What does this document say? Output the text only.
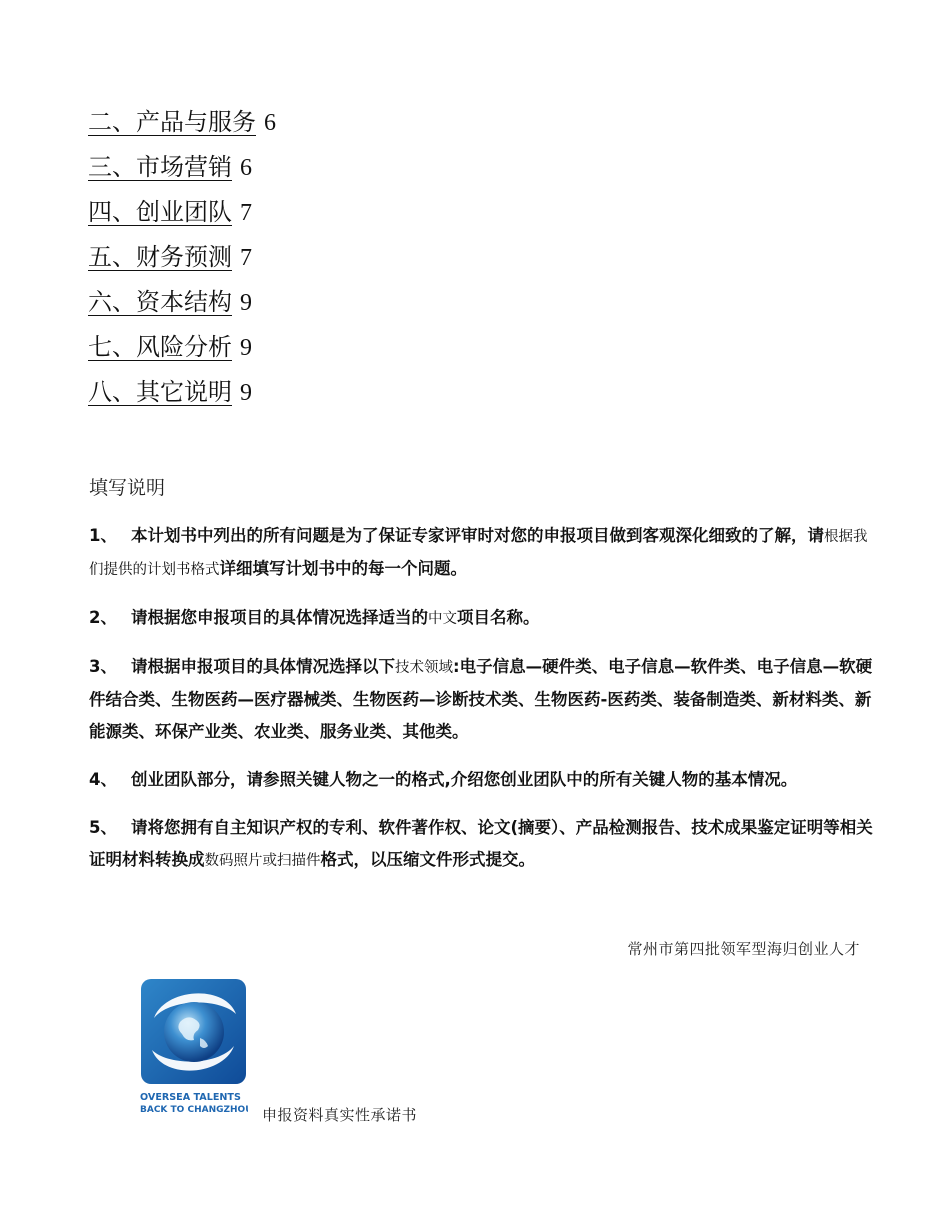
二、产品与服务 6
三、市场营销 6
四、创业团队 7
五、财务预测 7
六、资本结构 9
七、风险分析 9
八、其它说明 9
填写说明
1、 本计划书中列出的所有问题是为了保证专家评审时对您的申报项目做到客观深化细致的了解，请根据我们提供的计划书格式详细填写计划书中的每一个问题。
2、 请根据您申报项目的具体情况选择适当的中文项目名称。
3、 请根据申报项目的具体情况选择以下技术领域:电子信息—硬件类、电子信息—软件类、电子信息—软硬件结合类、生物医药—医疗器械类、生物医药—诊断技术类、生物医药-医药类、装备制造类、新材料类、新能源类、环保产业类、农业类、服务业类、其他类。
4、 创业团队部分，请参照关键人物之一的格式,介绍您创业团队中的所有关键人物的基本情况。
5、 请将您拥有自主知识产权的专利、软件著作权、论文(摘要）、产品检测报告、技术成果鉴定证明等相关证明材料转换成数码照片或扫描件格式，以压缩文件形式提交。
常州市第四批领军型海归创业人才
OVERSEA TALENTS
BACK TO CHANGZHOU 申报资料真实性承诺书
